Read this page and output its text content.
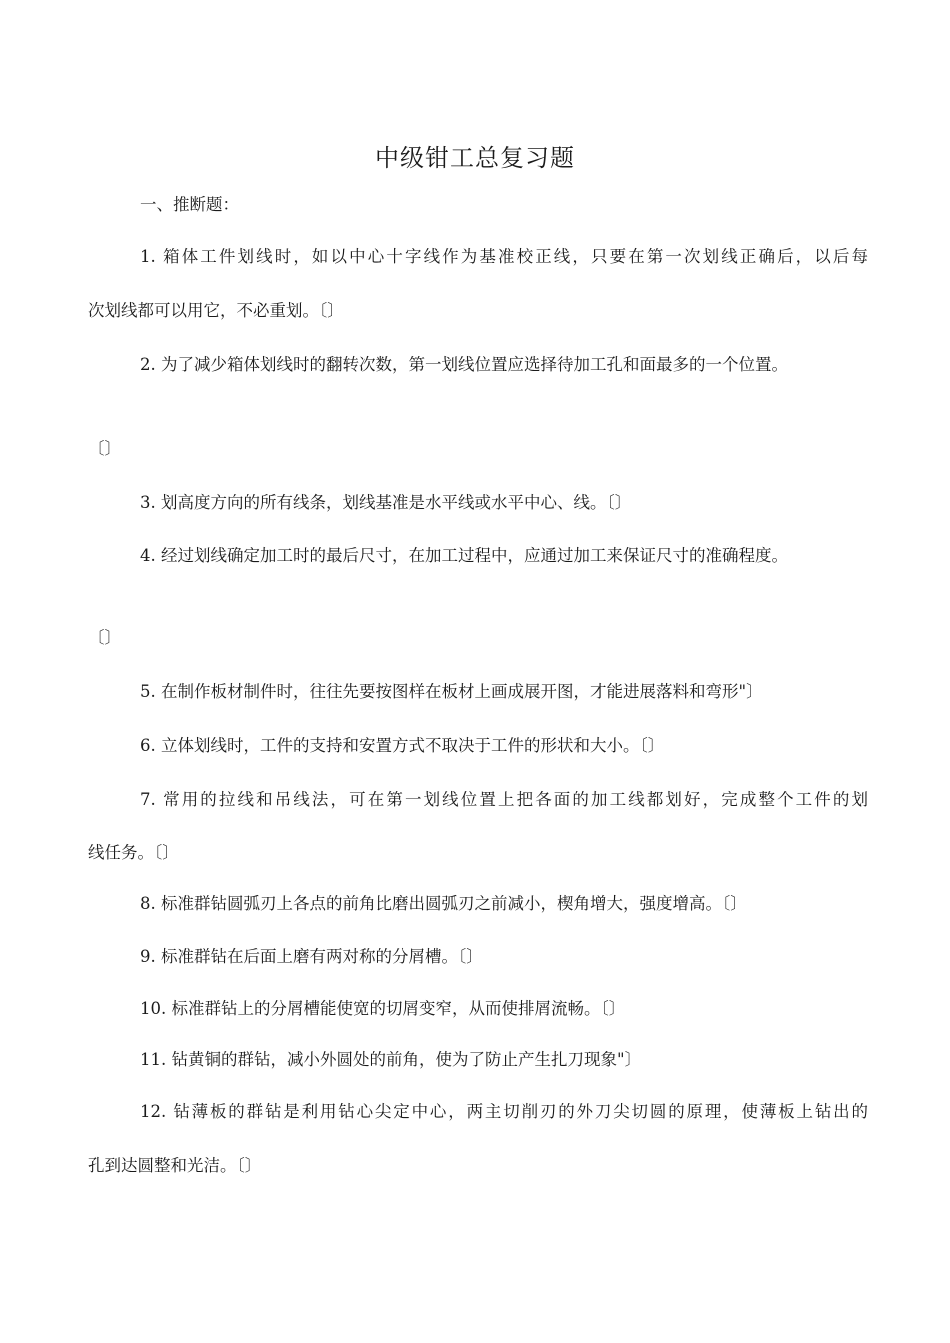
中级钳工总复习题
一、推断题：
1. 箱体工件划线时，如以中心十字线作为基准校正线，只要在第一次划线正确后，以后每
次划线都可以用它，不必重划。〔〕
2. 为了减少箱体划线时的翻转次数，第一划线位置应选择待加工孔和面最多的一个位置。
〔〕
3. 划高度方向的所有线条，划线基准是水平线或水平中心、线。〔〕
4. 经过划线确定加工时的最后尺寸，在加工过程中，应通过加工来保证尺寸的准确程度。
〔〕
5. 在制作板材制件时，往往先要按图样在板材上画成展开图，才能进展落料和弯形"〕
6. 立体划线时，工件的支持和安置方式不取决于工件的形状和大小。〔〕
7. 常用的拉线和吊线法，可在第一划线位置上把各面的加工线都划好，完成整个工件的划
线任务。〔〕
8. 标准群钻圆弧刃上各点的前角比磨出圆弧刃之前减小，楔角增大，强度增高。〔〕
9. 标准群钻在后面上磨有两对称的分屑槽。〔〕
10. 标准群钻上的分屑槽能使宽的切屑变窄，从而使排屑流畅。〔〕
11. 钻黄铜的群钻，减小外圆处的前角，使为了防止产生扎刀现象"〕
12. 钻薄板的群钻是利用钻心尖定中心，两主切削刃的外刀尖切圆的原理，使薄板上钻出的
孔到达圆整和光洁。〔〕
